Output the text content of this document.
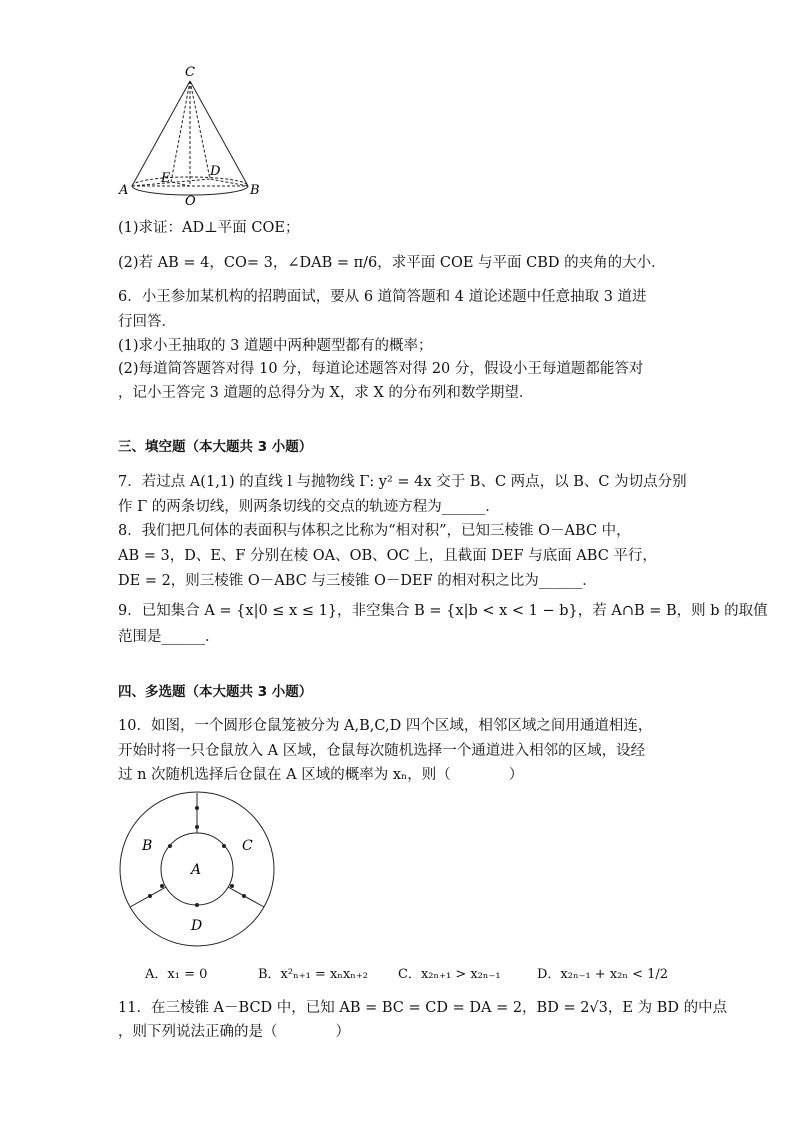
C
A	B
O
D
E
(1)求证：AD⊥平面 COE；
(2)若 AB = 4，CO= 3，∠DAB = π/6，求平面 COE 与平面 CBD 的夹角的大小．
6．小王参加某机构的招聘面试，要从 6 道简答题和 4 道论述题中任意抽取 3 道进
行回答．
(1)求小王抽取的 3 道题中两种题型都有的概率；
(2)每道简答题答对得 10 分，每道论述题答对得 20 分，假设小王每道题都能答对
，记小王答完 3 道题的总得分为 X，求 X 的分布列和数学期望．
三、填空题（本大题共 3 小题）
7．若过点 A(1,1) 的直线 l 与抛物线 Γ: y² = 4x 交于 B、C 两点，以 B、C 为切点分别
作 Γ 的两条切线，则两条切线的交点的轨迹方程为______．
8．我们把几何体的表面积与体积之比称为“相对积”，已知三棱锥 O－ABC 中，
AB = 3，D、E、F 分别在棱 OA、OB、OC 上，且截面 DEF 与底面 ABC 平行，
DE = 2，则三棱锥 O－ABC 与三棱锥 O－DEF 的相对积之比为______．
9．已知集合 A = {x|0 ≤ x ≤ 1}，非空集合 B = {x|b < x < 1 − b}，若 A∩B = B，则 b 的取值
范围是______．
四、多选题（本大题共 3 小题）
10．如图，一个圆形仓鼠笼被分为 A,B,C,D 四个区域，相邻区域之间用通道相连，
开始时将一只仓鼠放入 A 区域，仓鼠每次随机选择一个通道进入相邻的区域，设经
过 n 次随机选择后仓鼠在 A 区域的概率为 xₙ，则（　　　　）
A
B	C
D
A．x₁ = 0	B．x²ₙ₊₁ = xₙxₙ₊₂ C．x₂ₙ₊₁ > x₂ₙ₋₁	D．x₂ₙ₋₁ + x₂ₙ < 1/2
11．在三棱锥 A－BCD 中，已知 AB = BC = CD = DA = 2，BD = 2√3，E 为 BD 的中点
，则下列说法正确的是（　　　　）
